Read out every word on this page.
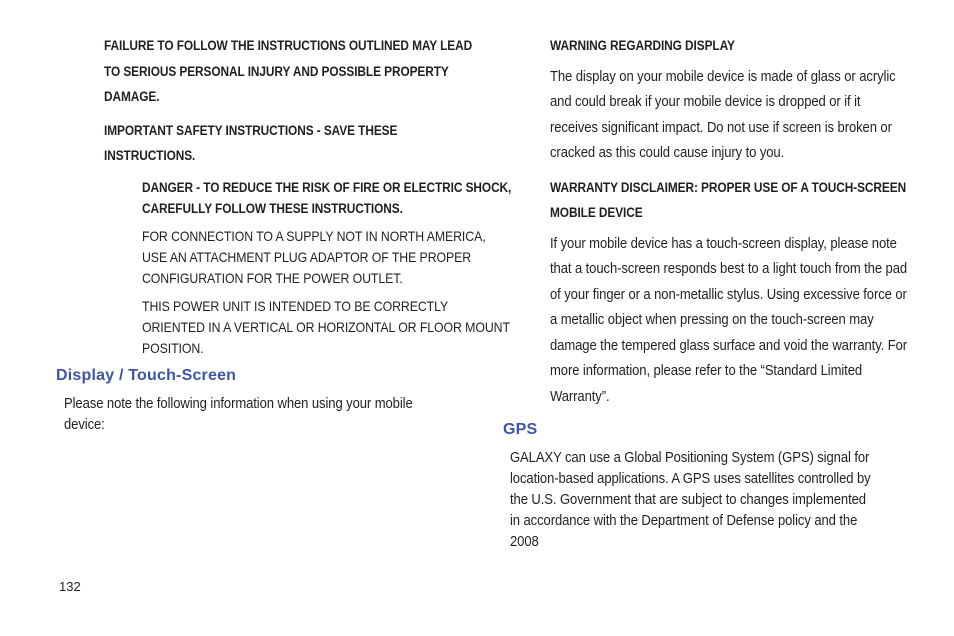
FAILURE TO FOLLOW THE INSTRUCTIONS OUTLINED MAY LEAD TO SERIOUS PERSONAL INJURY AND POSSIBLE PROPERTY DAMAGE.

IMPORTANT SAFETY INSTRUCTIONS - SAVE THESE INSTRUCTIONS.

DANGER - TO REDUCE THE RISK OF FIRE OR ELECTRIC SHOCK, CAREFULLY FOLLOW THESE INSTRUCTIONS.

FOR CONNECTION TO A SUPPLY NOT IN NORTH AMERICA, USE AN ATTACHMENT PLUG ADAPTOR OF THE PROPER CONFIGURATION FOR THE POWER OUTLET.

THIS POWER UNIT IS INTENDED TO BE CORRECTLY ORIENTED IN A VERTICAL OR HORIZONTAL OR FLOOR MOUNT POSITION.

Display / Touch-Screen

Please note the following information when using your mobile device:

WARNING REGARDING DISPLAY

The display on your mobile device is made of glass or acrylic and could break if your mobile device is dropped or if it receives significant impact. Do not use if screen is broken or cracked as this could cause injury to you.

WARRANTY DISCLAIMER: PROPER USE OF A TOUCH-SCREEN MOBILE DEVICE

If your mobile device has a touch-screen display, please note that a touch-screen responds best to a light touch from the pad of your finger or a non-metallic stylus. Using excessive force or a metallic object when pressing on the touch-screen may damage the tempered glass surface and void the warranty. For more information, please refer to the “Standard Limited Warranty”.

GPS

GALAXY can use a Global Positioning System (GPS) signal for location-based applications. A GPS uses satellites controlled by the U.S. Government that are subject to changes implemented in accordance with the Department of Defense policy and the 2008

132
